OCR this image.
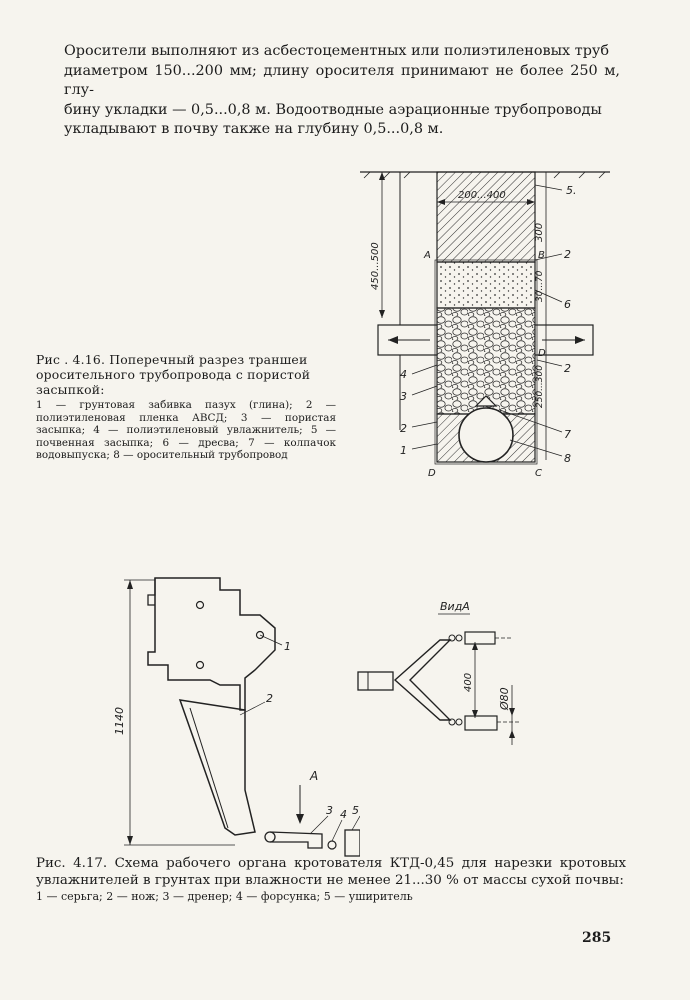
Оросители выполняют из асбестоцементных или полиэтиленовых труб
диаметром 150...200 мм; длину оросителя принимают не более 250 м, глу-
бину укладки — 0,5...0,8 м. Водоотводные аэрационные трубопроводы
укладывают в почву также на глубину 0,5...0,8 м.
200...400
450...500
300
30...70
250...300
A	B
D
D	C
5.
2
6
2
7
8
4
3
2
1
Рис . 4.16. Поперечный разрез траншеи оросительного трубопровода с пористой засыпкой:
1 — грунтовая забивка пазух (глина); 2 — полиэтиленовая пленка АВСД; 3 — пористая засыпка; 4 — полиэтиленовый увлажнитель; 5 — почвенная засыпка; 6 — дресва; 7 — колпачок водовыпуска; 8 — оросительный трубопровод
1140
A
1
2
3 4 5
ВидА
400
Ø80
Рис. 4.17. Схема рабочего органа кротователя КТД-0,45 для нарезки кротовых увлажнителей в грунтах при влажности не менее 21...30 % от массы сухой почвы:
1 — серьга; 2 — нож; 3 — дренер; 4 — форсунка; 5 — уширитель
285
